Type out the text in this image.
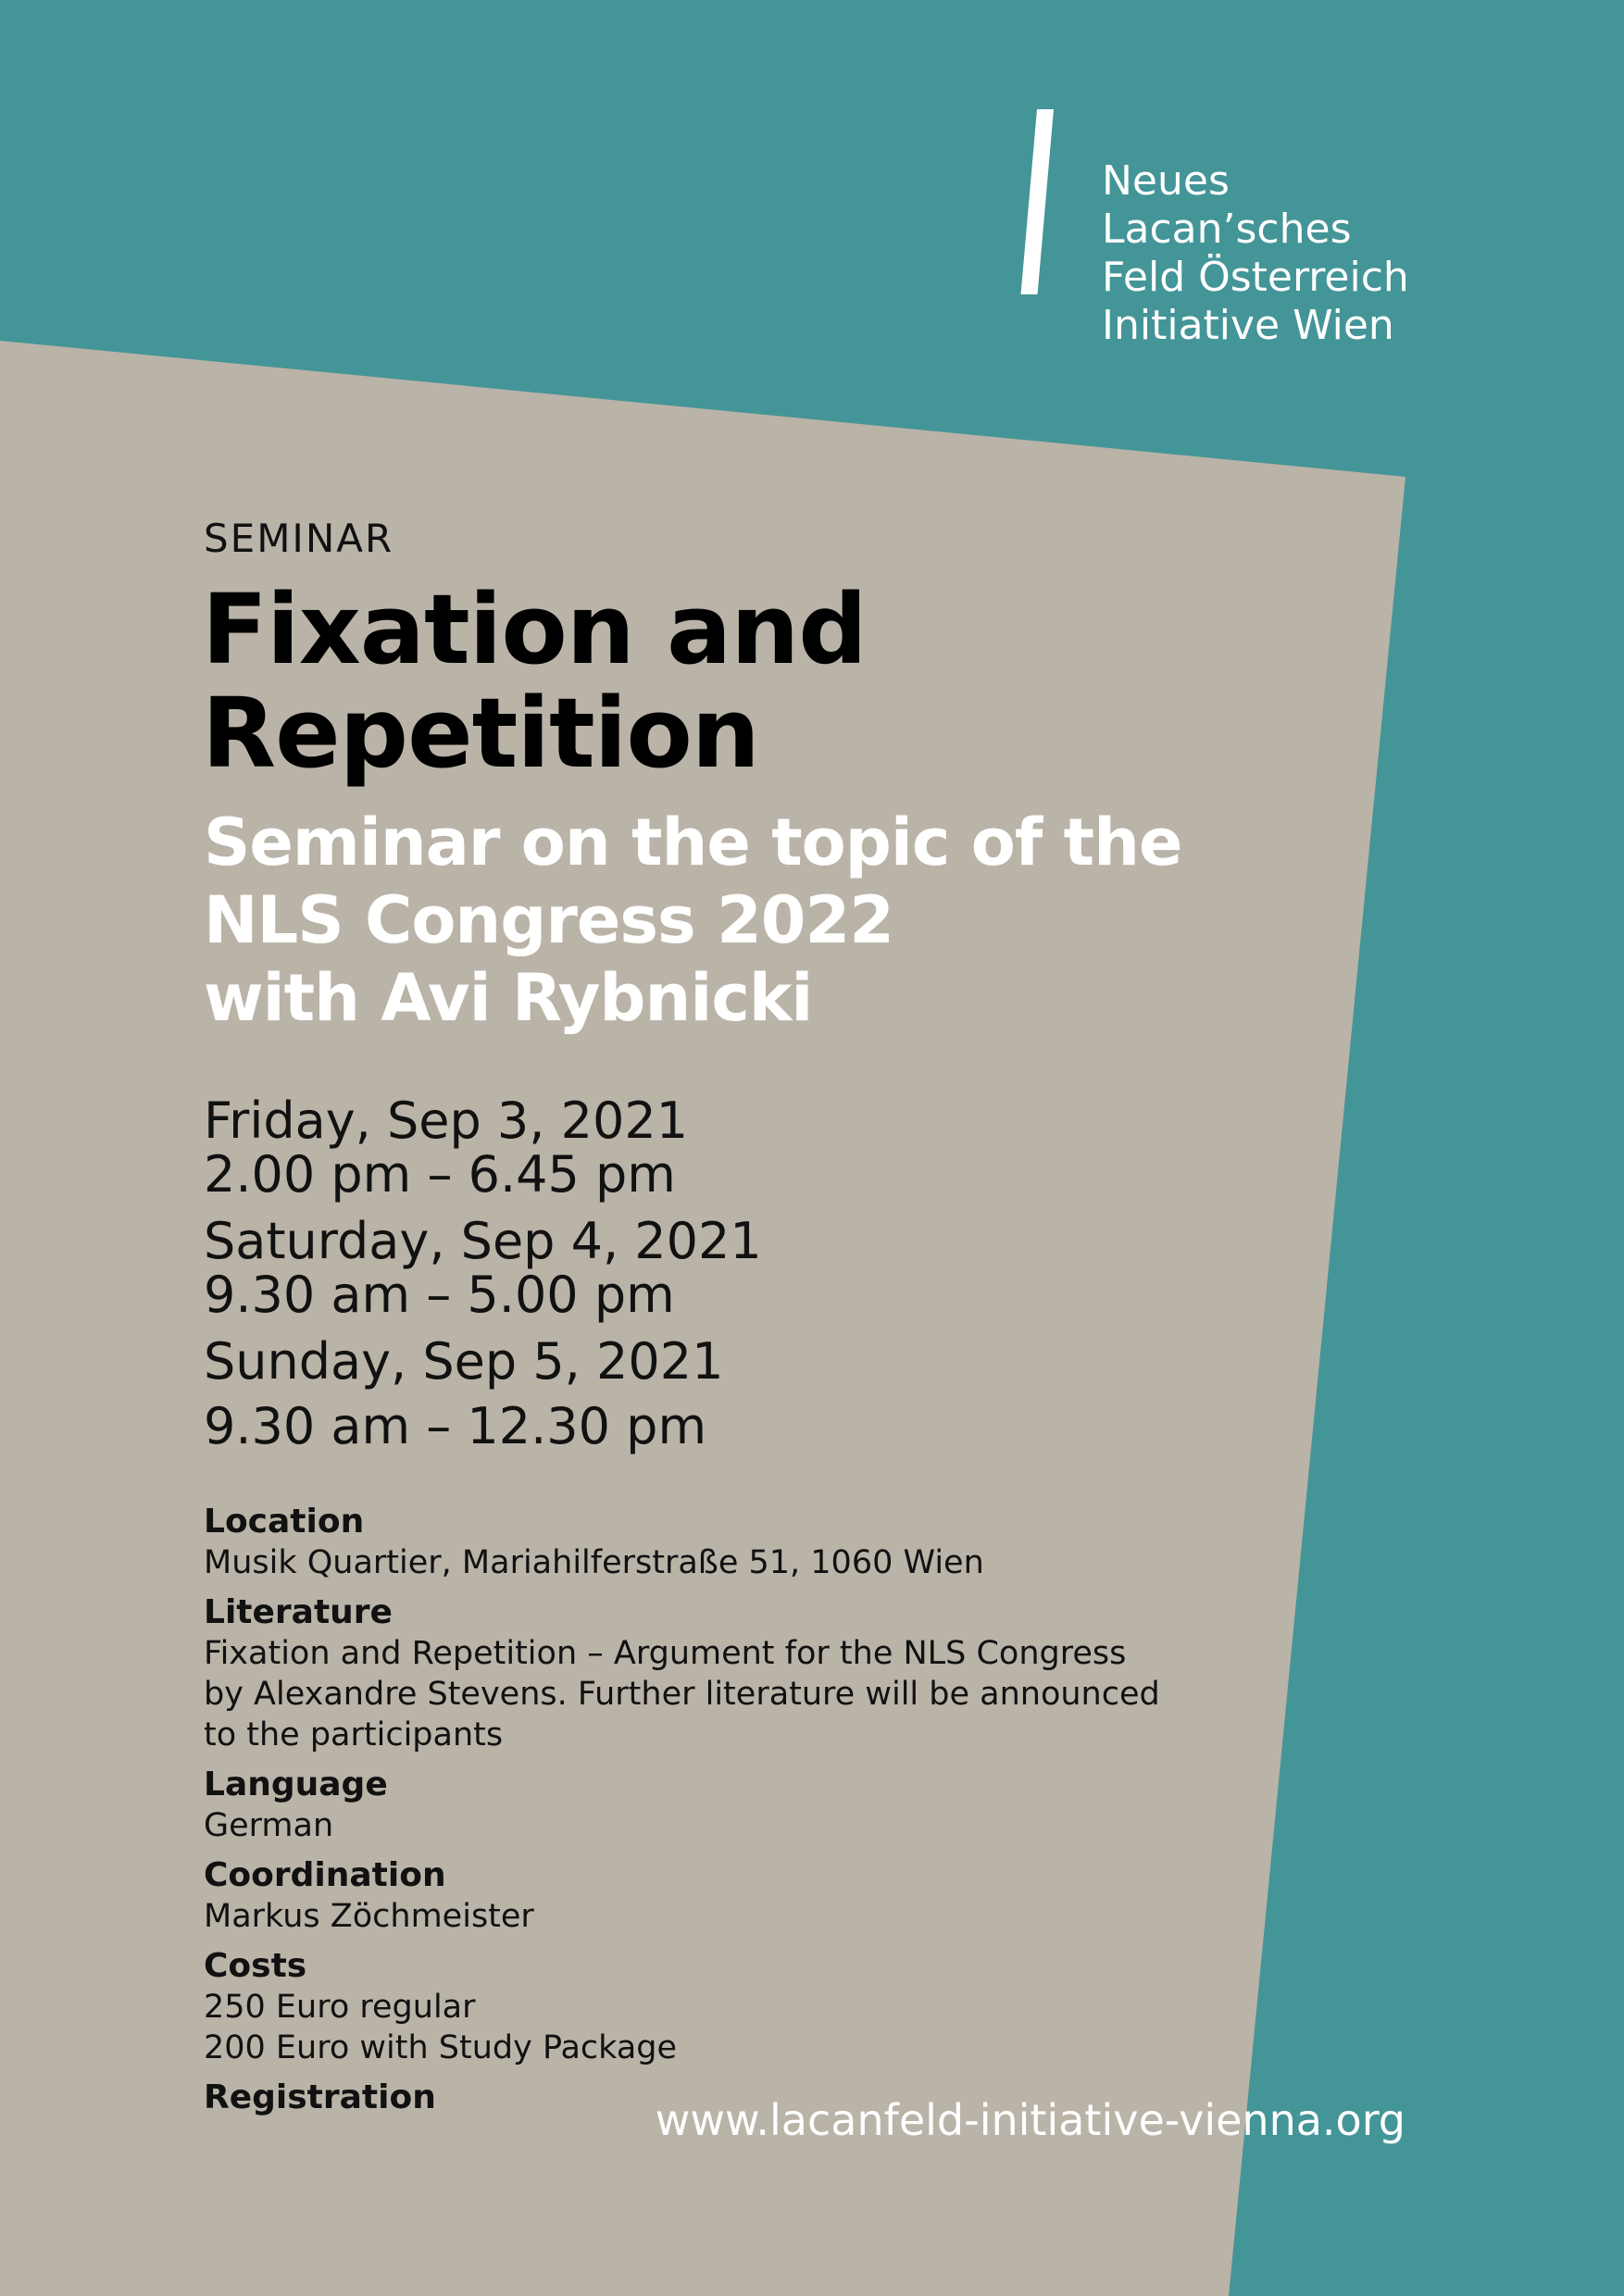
Neues
Lacan’sches
Feld Österreich
Initiative Wien
SEMINAR
Fixation and
Repetition
Seminar on the topic of the
NLS Congress 2022
with Avi Rybnicki
Friday, Sep 3, 2021
2.00 pm – 6.45 pm
Saturday, Sep 4, 2021
9.30 am – 5.00 pm
Sunday, Sep 5, 2021
9.30 am – 12.30 pm
Location
Musik Quartier, Mariahilferstraße 51, 1060 Wien
Literature
Fixation and Repetition – Argument for the NLS Congress
by Alexandre Stevens. Further literature will be announced
to the participants
Language
German
Coordination
Markus Zöchmeister
Costs
250 Euro regular
200 Euro with Study Package
Registration	www.lacanfeld-initiative-vienna.org
